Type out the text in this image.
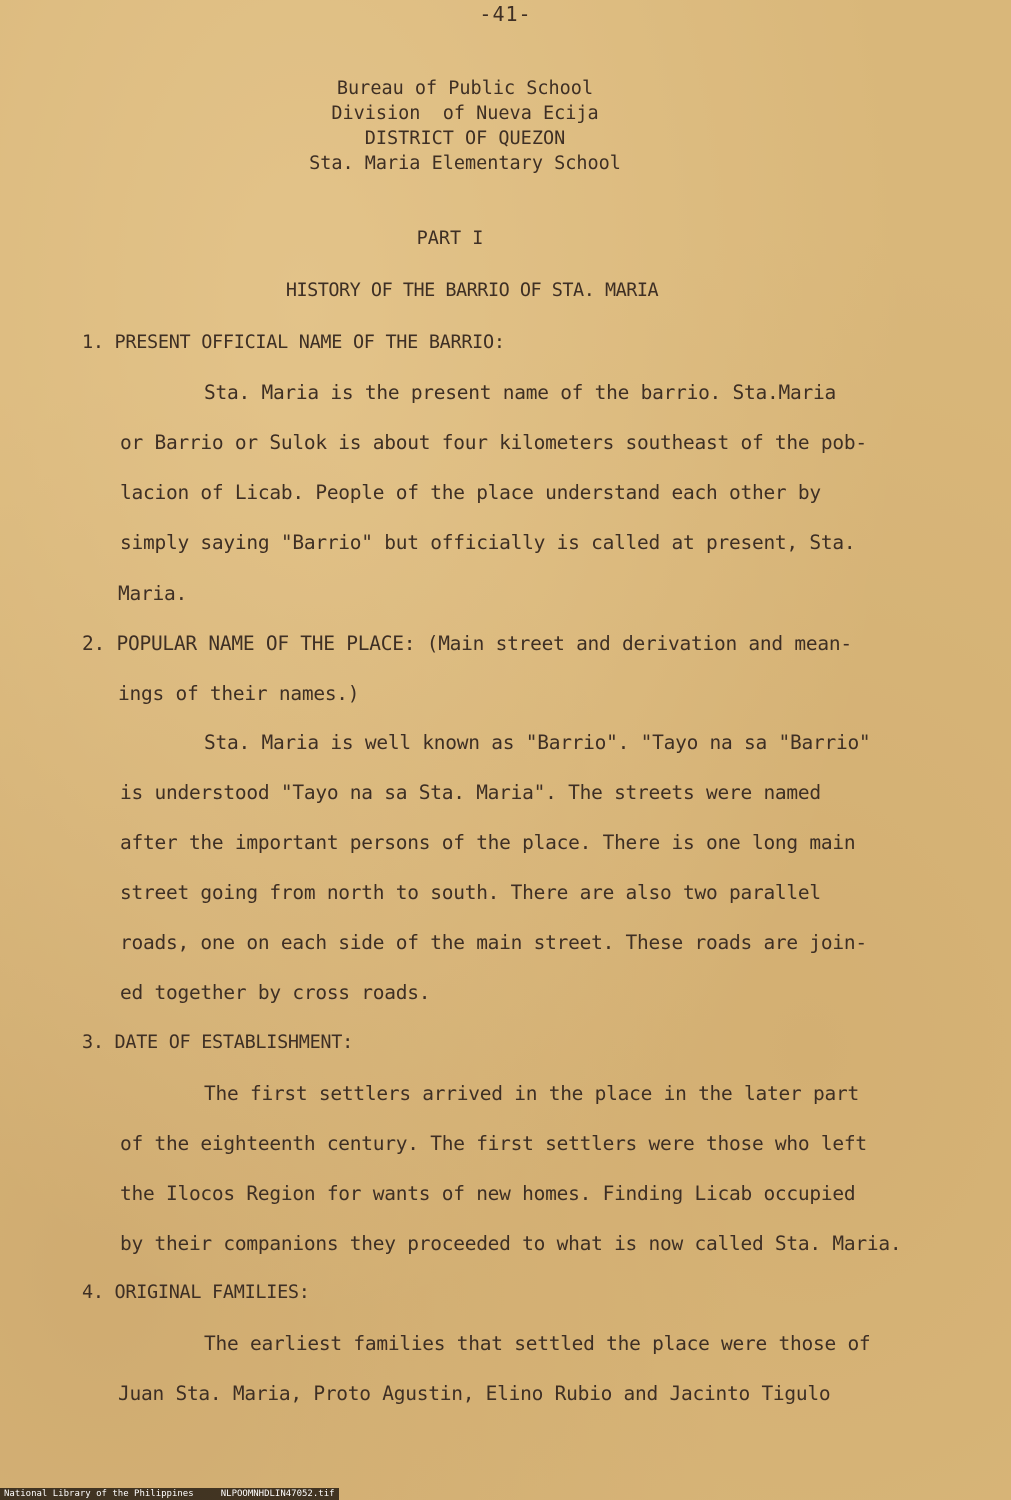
-41-
Bureau of Public School
Division  of Nueva Ecija
DISTRICT OF QUEZON
Sta. Maria Elementary School
PART I
HISTORY OF THE BARRIO OF STA. MARIA
1. PRESENT OFFICIAL NAME OF THE BARRIO:
Sta. Maria is the present name of the barrio. Sta.Maria
or Barrio or Sulok is about four kilometers southeast of the pob-
lacion of Licab. People of the place understand each other by
simply saying "Barrio" but officially is called at present, Sta.
Maria.
2. POPULAR NAME OF THE PLACE: (Main street and derivation and mean-
ings of their names.)
Sta. Maria is well known as "Barrio". "Tayo na sa "Barrio"
is understood "Tayo na sa Sta. Maria". The streets were named
after the important persons of the place. There is one long main
street going from north to south. There are also two parallel
roads, one on each side of the main street. These roads are join-
ed together by cross roads.
3. DATE OF ESTABLISHMENT:
The first settlers arrived in the place in the later part
of the eighteenth century. The first settlers were those who left
the Ilocos Region for wants of new homes. Finding Licab occupied
by their companions they proceeded to what is now called Sta. Maria.
4. ORIGINAL FAMILIES:
The earliest families that settled the place were those of
Juan Sta. Maria, Proto Agustin, Elino Rubio and Jacinto Tigulo
National Library of the Philippines     NLPOOMNHDLIN47052.tif
